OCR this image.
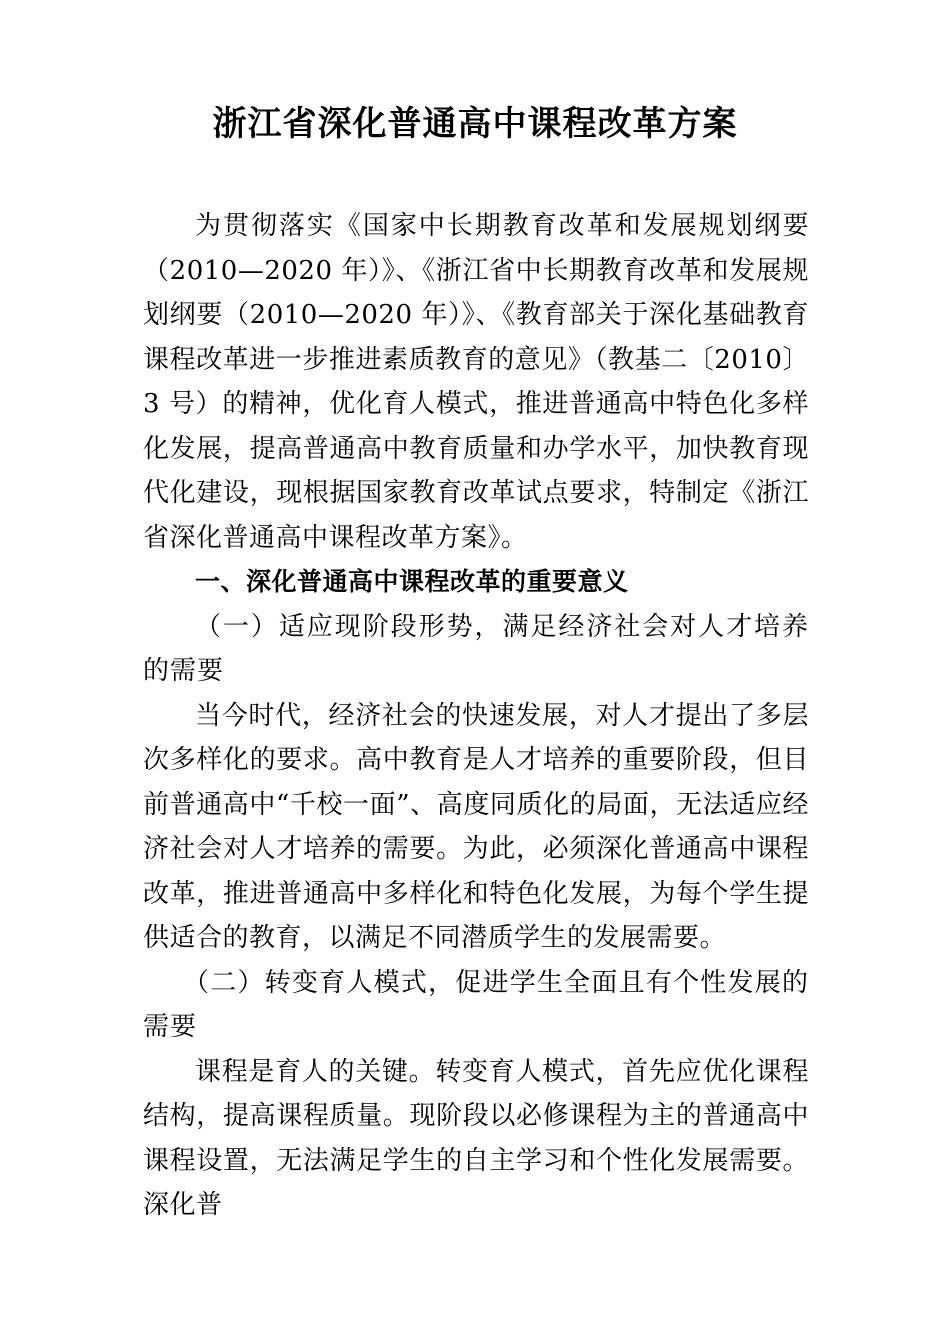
浙江省深化普通高中课程改革方案

为贯彻落实《国家中长期教育改革和发展规划纲要（2010—2020 年）》、《浙江省中长期教育改革和发展规划纲要（2010—2020 年）》、《教育部关于深化基础教育课程改革进一步推进素质教育的意见》（教基二〔2010〕3 号）的精神，优化育人模式，推进普通高中特色化多样化发展，提高普通高中教育质量和办学水平，加快教育现代化建设，现根据国家教育改革试点要求，特制定《浙江省深化普通高中课程改革方案》。

一、深化普通高中课程改革的重要意义

（一）适应现阶段形势，满足经济社会对人才培养的需要

当今时代，经济社会的快速发展，对人才提出了多层次多样化的要求。高中教育是人才培养的重要阶段，但目前普通高中“千校一面”、高度同质化的局面，无法适应经济社会对人才培养的需要。为此，必须深化普通高中课程改革，推进普通高中多样化和特色化发展，为每个学生提供适合的教育，以满足不同潜质学生的发展需要。

（二）转变育人模式，促进学生全面且有个性发展的需要

课程是育人的关键。转变育人模式，首先应优化课程结构，提高课程质量。现阶段以必修课程为主的普通高中课程设置，无法满足学生的自主学习和个性化发展需要。深化普
